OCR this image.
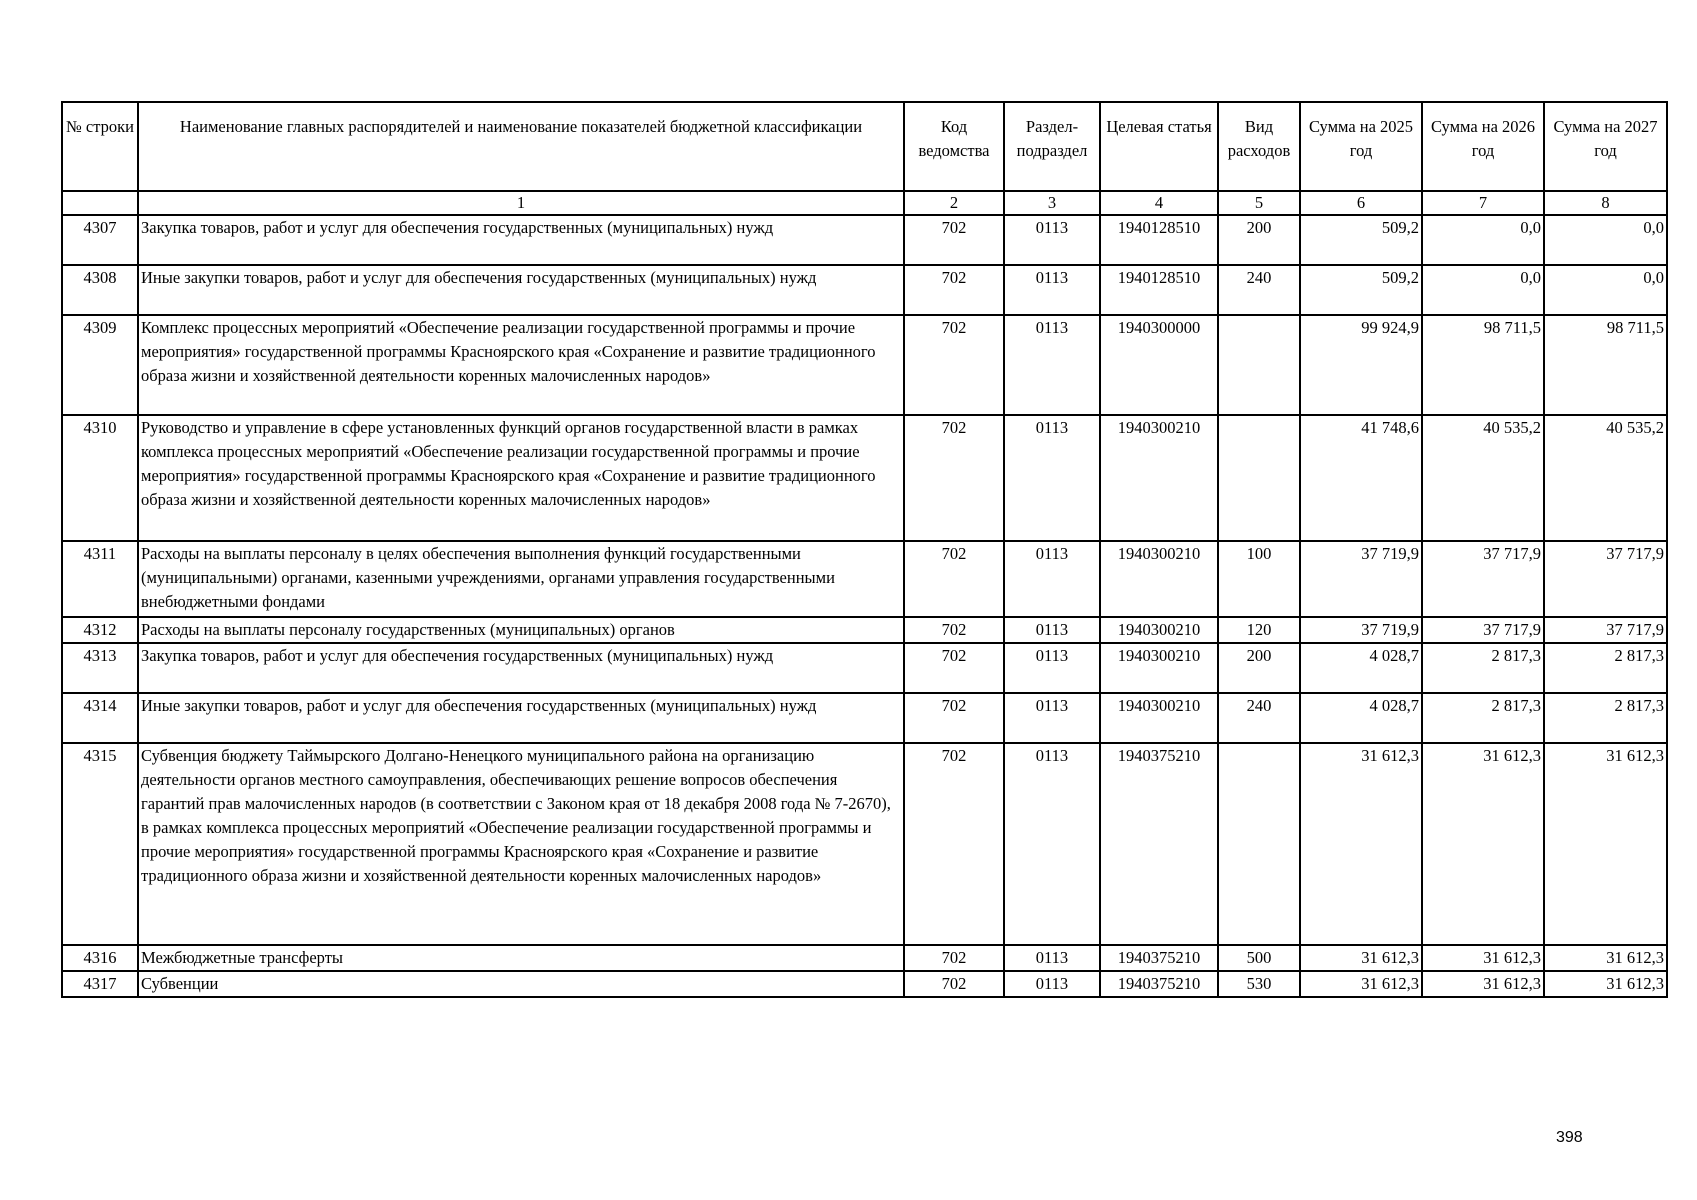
№ строки	Наименование главных распорядителей и наименование показателей бюджетной классификации	Код ведомства	Раздел-подраздел	Целевая статья	Вид расходов	Сумма на 2025 год	Сумма на 2026 год	Сумма на 2027 год
	1	2	3	4	5	6	7	8
4307	Закупка товаров, работ и услуг для обеспечения государственных (муниципальных) нужд	702	0113	1940128510	200	509,2	0,0	0,0
4308	Иные закупки товаров, работ и услуг для обеспечения государственных (муниципальных) нужд	702	0113	1940128510	240	509,2	0,0	0,0
4309	Комплекс процессных мероприятий «Обеспечение реализации государственной программы и прочие мероприятия» государственной программы Красноярского края «Сохранение и развитие традиционного образа жизни и хозяйственной деятельности коренных малочисленных народов»	702	0113	1940300000		99 924,9	98 711,5	98 711,5
4310	Руководство и управление в сфере установленных функций органов государственной власти в рамках комплекса процессных мероприятий «Обеспечение реализации государственной программы и прочие мероприятия» государственной программы Красноярского края «Сохранение и развитие традиционного образа жизни и хозяйственной деятельности коренных малочисленных народов»	702	0113	1940300210		41 748,6	40 535,2	40 535,2
4311	Расходы на выплаты персоналу в целях обеспечения выполнения функций государственными (муниципальными) органами, казенными учреждениями, органами управления государственными внебюджетными фондами	702	0113	1940300210	100	37 719,9	37 717,9	37 717,9
4312	Расходы на выплаты персоналу государственных (муниципальных) органов	702	0113	1940300210	120	37 719,9	37 717,9	37 717,9
4313	Закупка товаров, работ и услуг для обеспечения государственных (муниципальных) нужд	702	0113	1940300210	200	4 028,7	2 817,3	2 817,3
4314	Иные закупки товаров, работ и услуг для обеспечения государственных (муниципальных) нужд	702	0113	1940300210	240	4 028,7	2 817,3	2 817,3
4315	Субвенция бюджету Таймырского Долгано-Ненецкого муниципального района на организацию деятельности органов местного самоуправления, обеспечивающих решение вопросов обеспечения гарантий прав малочисленных народов (в соответствии с Законом края от 18 декабря 2008 года № 7-2670), в рамках комплекса процессных мероприятий «Обеспечение реализации государственной программы и прочие мероприятия» государственной программы Красноярского края «Сохранение и развитие традиционного образа жизни и хозяйственной деятельности коренных малочисленных народов»	702	0113	1940375210		31 612,3	31 612,3	31 612,3
4316	Межбюджетные трансферты	702	0113	1940375210	500	31 612,3	31 612,3	31 612,3
4317	Субвенции	702	0113	1940375210	530	31 612,3	31 612,3	31 612,3
398
